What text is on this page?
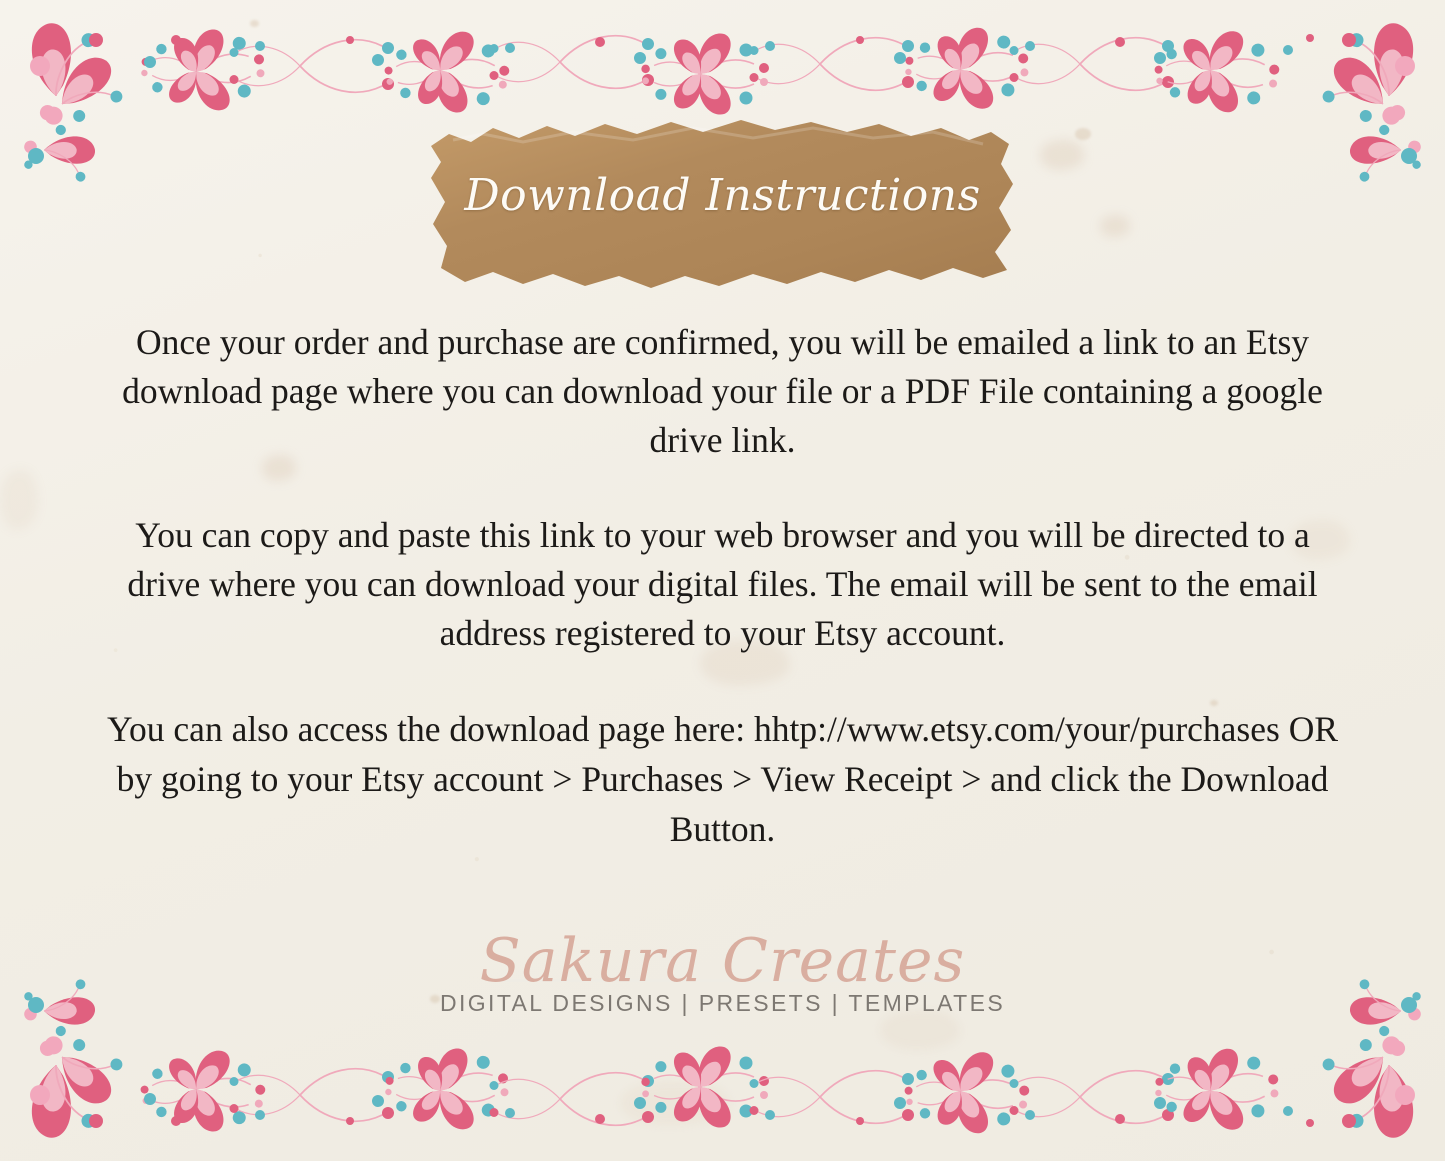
Download Instructions

Once your order and purchase are confirmed, you will be emailed a link to an Etsy download page where you can download your file or a PDF File containing a google drive link.

You can copy and paste this link to your web browser and you will be directed to a drive where you can download your digital files. The email will be sent to the email address registered to your Etsy account.

You can also access the download page here: hhtp://www.etsy.com/your/purchases OR by going to your Etsy account > Purchases > View Receipt > and click the Download Button.

Sakura Creates
DIGITAL DESIGNS | PRESETS | TEMPLATES
